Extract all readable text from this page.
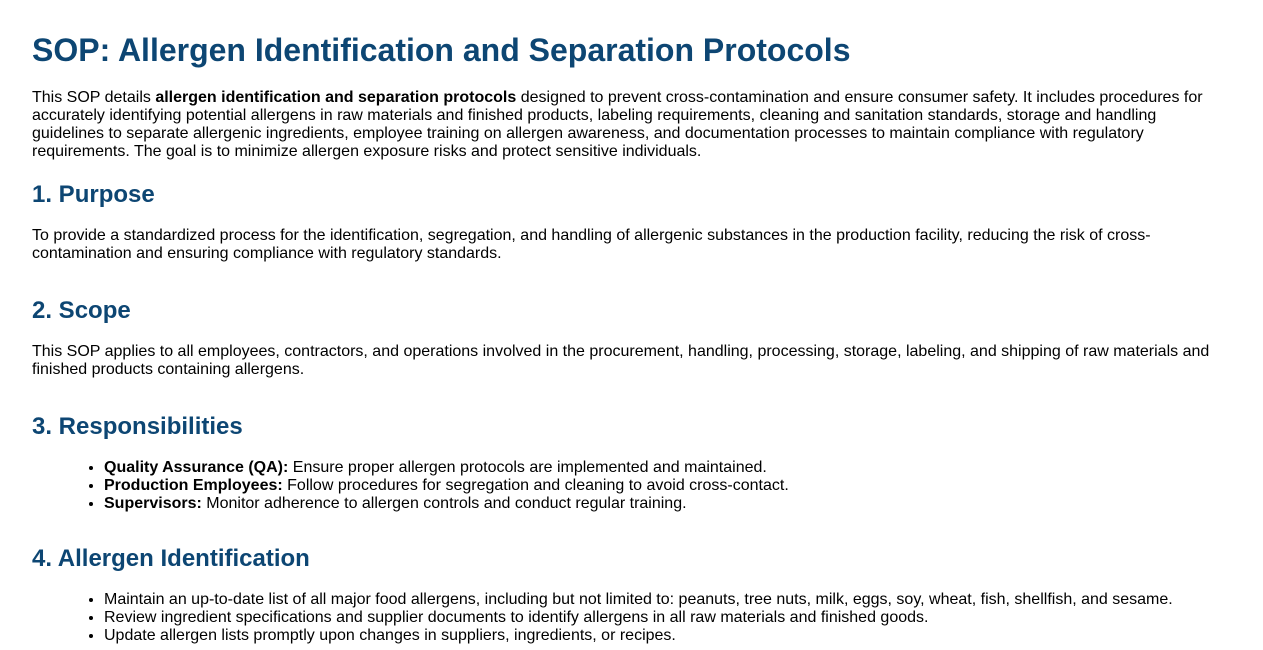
SOP: Allergen Identification and Separation Protocols

This SOP details allergen identification and separation protocols designed to prevent cross-contamination and ensure consumer safety. It includes procedures for accurately identifying potential allergens in raw materials and finished products, labeling requirements, cleaning and sanitation standards, storage and handling guidelines to separate allergenic ingredients, employee training on allergen awareness, and documentation processes to maintain compliance with regulatory requirements. The goal is to minimize allergen exposure risks and protect sensitive individuals.

1. Purpose

To provide a standardized process for the identification, segregation, and handling of allergenic substances in the production facility, reducing the risk of cross-contamination and ensuring compliance with regulatory standards.

2. Scope

This SOP applies to all employees, contractors, and operations involved in the procurement, handling, processing, storage, labeling, and shipping of raw materials and finished products containing allergens.

3. Responsibilities
• Quality Assurance (QA): Ensure proper allergen protocols are implemented and maintained.
• Production Employees: Follow procedures for segregation and cleaning to avoid cross-contact.
• Supervisors: Monitor adherence to allergen controls and conduct regular training.
4. Allergen Identification
• Maintain an up-to-date list of all major food allergens, including but not limited to: peanuts, tree nuts, milk, eggs, soy, wheat, fish, shellfish, and sesame.
• Review ingredient specifications and supplier documents to identify allergens in all raw materials and finished goods.
• Update allergen lists promptly upon changes in suppliers, ingredients, or recipes.
